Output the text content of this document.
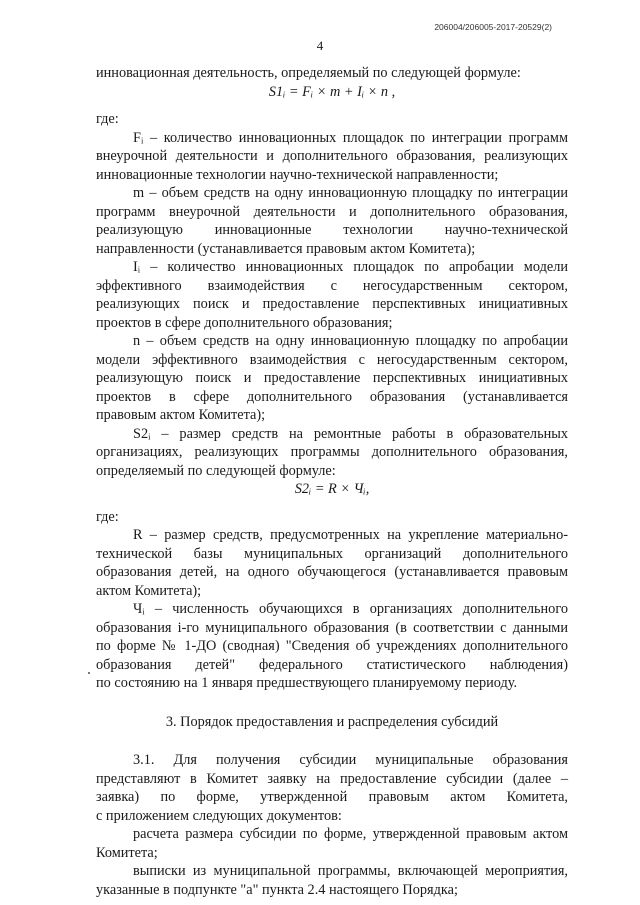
206004/206005-2017-20529(2)
4

инновационная деятельность, определяемый по следующей формуле:

S1ᵢ = Fᵢ × m + Iᵢ × n ,

где:

Fᵢ – количество инновационных площадок по интеграции программ

внеурочной деятельности и дополнительного образования, реализующих

инновационные технологии научно-технической направленности;

m – объем средств на одну инновационную площадку по интеграции

программ внеурочной деятельности и дополнительного образования,

реализующую инновационные технологии научно-технической

направленности (устанавливается правовым актом Комитета);

Iᵢ – количество инновационных площадок по апробации модели

эффективного взаимодействия с негосударственным сектором,

реализующих поиск и предоставление перспективных инициативных

проектов в сфере дополнительного образования;

n – объем средств на одну инновационную площадку по апробации

модели эффективного взаимодействия с негосударственным сектором,

реализующую поиск и предоставление перспективных инициативных

проектов в сфере дополнительного образования (устанавливается

правовым актом Комитета);

S2ᵢ – размер средств на ремонтные работы в образовательных

организациях, реализующих программы дополнительного образования,

определяемый по следующей формуле:

S2ᵢ = R × Чᵢ,

где:

R – размер средств, предусмотренных на укрепление материально-

технической базы муниципальных организаций дополнительного

образования детей, на одного обучающегося (устанавливается правовым

актом Комитета);

Чᵢ – численность обучающихся в организациях дополнительного

образования i-го муниципального образования (в соответствии с данными

по форме № 1-ДО (сводная) "Сведения об учреждениях дополнительного

образования детей" федерального статистического наблюдения)

по состоянию на 1 января предшествующего планируемому периоду.

3. Порядок предоставления и распределения субсидий

3.1. Для получения субсидии муниципальные образования

представляют в Комитет заявку на предоставление субсидии (далее –

заявка) по форме, утвержденной правовым актом Комитета,

с приложением следующих документов:

расчета размера субсидии по форме, утвержденной правовым актом

Комитета;

выписки из муниципальной программы, включающей мероприятия,

указанные в подпункте "а" пункта 2.4 настоящего Порядка;
